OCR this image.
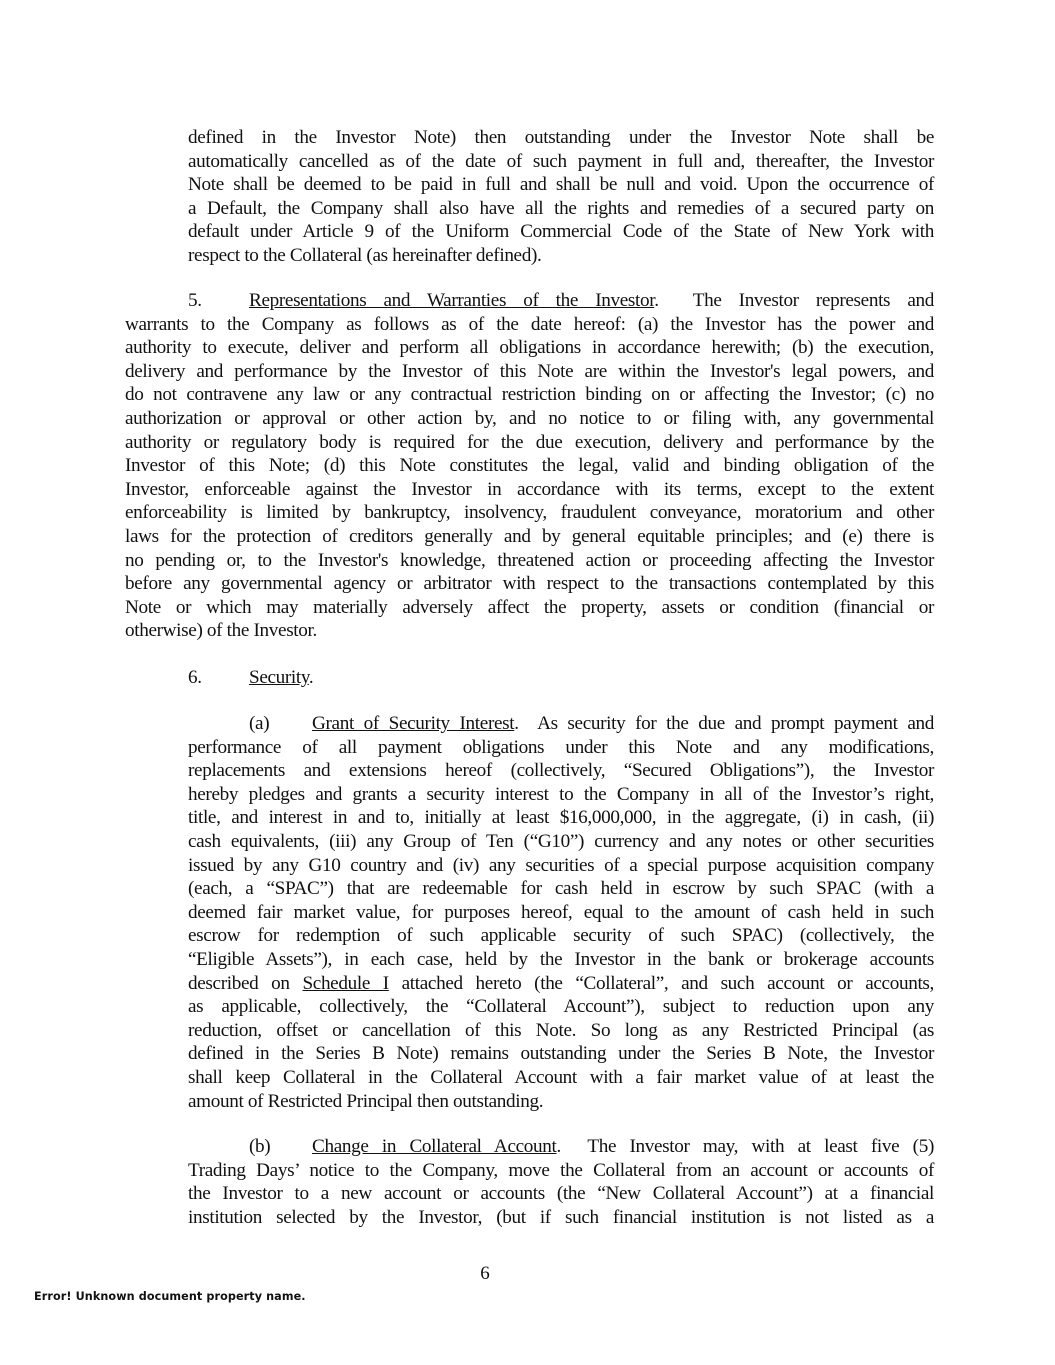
defined in the Investor Note) then outstanding under the Investor Note shall be
automatically cancelled as of the date of such payment in full and, thereafter, the Investor
Note shall be deemed to be paid in full and shall be null and void. Upon the occurrence of
a Default, the Company shall also have all the rights and remedies of a secured party on
default under Article 9 of the Uniform Commercial Code of the State of New York with
respect to the Collateral (as hereinafter defined).
5. Representations and Warranties of the Investor.  The Investor represents and
warrants to the Company as follows as of the date hereof: (a) the Investor has the power and
authority to execute, deliver and perform all obligations in accordance herewith; (b) the execution,
delivery and performance by the Investor of this Note are within the Investor's legal powers, and
do not contravene any law or any contractual restriction binding on or affecting the Investor; (c) no
authorization or approval or other action by, and no notice to or filing with, any governmental
authority or regulatory body is required for the due execution, delivery and performance by the
Investor of this Note; (d) this Note constitutes the legal, valid and binding obligation of the
Investor, enforceable against the Investor in accordance with its terms, except to the extent
enforceability is limited by bankruptcy, insolvency, fraudulent conveyance, moratorium and other
laws for the protection of creditors generally and by general equitable principles; and (e) there is
no pending or, to the Investor's knowledge, threatened action or proceeding affecting the Investor
before any governmental agency or arbitrator with respect to the transactions contemplated by this
Note or which may materially adversely affect the property, assets or condition (financial or
otherwise) of the Investor.
6. Security.
(a) Grant of Security Interest.  As security for the due and prompt payment and
performance of all payment obligations under this Note and any modifications,
replacements and extensions hereof (collectively, “Secured Obligations”), the Investor
hereby pledges and grants a security interest to the Company in all of the Investor’s right,
title, and interest in and to, initially at least $16,000,000, in the aggregate, (i) in cash, (ii)
cash equivalents, (iii) any Group of Ten (“G10”) currency and any notes or other securities
issued by any G10 country and (iv) any securities of a special purpose acquisition company
(each, a “SPAC”) that are redeemable for cash held in escrow by such SPAC (with a
deemed fair market value, for purposes hereof, equal to the amount of cash held in such
escrow for redemption of such applicable security of such SPAC) (collectively, the
“Eligible Assets”), in each case, held by the Investor in the bank or brokerage accounts
described on Schedule I attached hereto (the “Collateral”, and such account or accounts,
as applicable, collectively, the “Collateral Account”), subject to reduction upon any
reduction, offset or cancellation of this Note. So long as any Restricted Principal (as
defined in the Series B Note) remains outstanding under the Series B Note, the Investor
shall keep Collateral in the Collateral Account with a fair market value of at least the
amount of Restricted Principal then outstanding.
(b) Change in Collateral Account.  The Investor may, with at least five (5)
Trading Days’ notice to the Company, move the Collateral from an account or accounts of
the Investor to a new account or accounts (the “New Collateral Account”) at a financial
institution selected by the Investor, (but if such financial institution is not listed as a
6
Error! Unknown document property name.
